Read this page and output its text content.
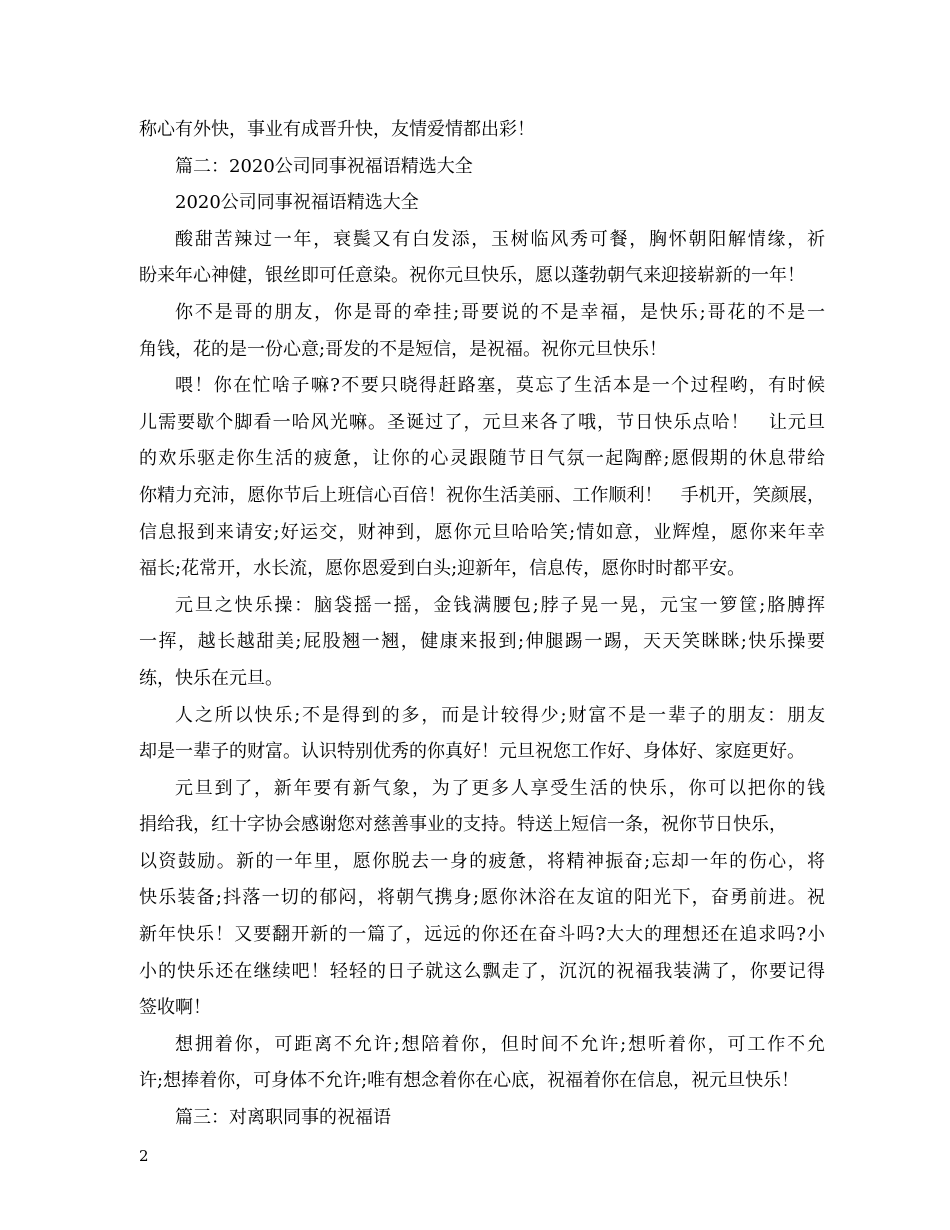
称心有外快，事业有成晋升快，友情爱情都出彩！
篇二：2020公司同事祝福语精选大全
2020公司同事祝福语精选大全
酸甜苦辣过一年，衰鬓又有白发添，玉树临风秀可餐，胸怀朝阳解情缘，祈
盼来年心神健，银丝即可任意染。祝你元旦快乐，愿以蓬勃朝气来迎接崭新的一年！
你不是哥的朋友，你是哥的牵挂;哥要说的不是幸福，是快乐;哥花的不是一
角钱，花的是一份心意;哥发的不是短信，是祝福。祝你元旦快乐！
喂！你在忙啥子嘛?不要只晓得赶路塞，莫忘了生活本是一个过程哟，有时候
儿需要歇个脚看一哈风光嘛。圣诞过了，元旦来各了哦，节日快乐点哈！　让元旦
的欢乐驱走你生活的疲惫，让你的心灵跟随节日气氛一起陶醉;愿假期的休息带给
你精力充沛，愿你节后上班信心百倍！祝你生活美丽、工作顺利！　手机开，笑颜展，
信息报到来请安;好运交，财神到，愿你元旦哈哈笑;情如意，业辉煌，愿你来年幸
福长;花常开，水长流，愿你恩爱到白头;迎新年，信息传，愿你时时都平安。
元旦之快乐操：脑袋摇一摇，金钱满腰包;脖子晃一晃，元宝一箩筐;胳膊挥
一挥，越长越甜美;屁股翘一翘，健康来报到;伸腿踢一踢，天天笑眯眯;快乐操要
练，快乐在元旦。
人之所以快乐;不是得到的多，而是计较得少;财富不是一辈子的朋友：朋友
却是一辈子的财富。认识特别优秀的你真好！元旦祝您工作好、身体好、家庭更好。
元旦到了，新年要有新气象，为了更多人享受生活的快乐，你可以把你的钱
捐给我，红十字协会感谢您对慈善事业的支持。特送上短信一条，祝你节日快乐，
以资鼓励。新的一年里，愿你脱去一身的疲惫，将精神振奋;忘却一年的伤心，将
快乐装备;抖落一切的郁闷，将朝气携身;愿你沐浴在友谊的阳光下，奋勇前进。祝
新年快乐！又要翻开新的一篇了，远远的你还在奋斗吗?大大的理想还在追求吗?小
小的快乐还在继续吧！轻轻的日子就这么飘走了，沉沉的祝福我装满了，你要记得
签收啊！
想拥着你，可距离不允许;想陪着你，但时间不允许;想听着你，可工作不允
许;想捧着你，可身体不允许;唯有想念着你在心底，祝福着你在信息，祝元旦快乐！
篇三：对离职同事的祝福语
2
